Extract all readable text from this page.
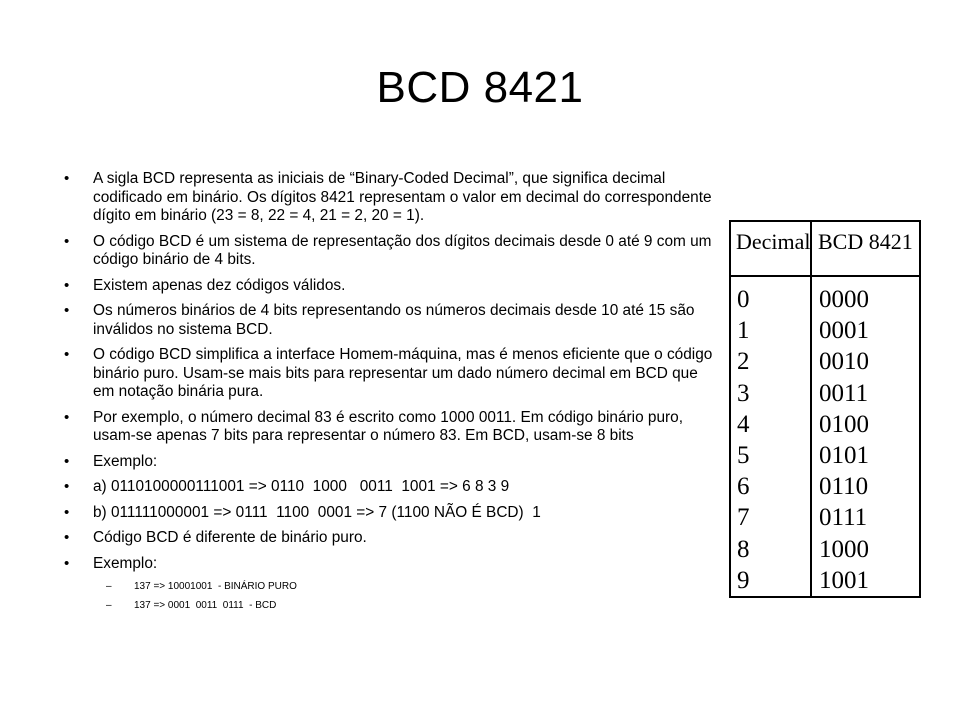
BCD 8421
• A sigla BCD representa as iniciais de “Binary-Coded Decimal”, que significa decimal codificado em binário. Os dígitos 8421 representam o valor em decimal do correspondente dígito em binário (23 = 8, 22 = 4, 21 = 2, 20 = 1).
• O código BCD é um sistema de representação dos dígitos decimais desde 0 até 9 com um código binário de 4 bits.
• Existem apenas dez códigos válidos.
• Os números binários de 4 bits representando os números decimais desde 10 até 15 são inválidos no sistema BCD.
• O código BCD simplifica a interface Homem-máquina, mas é menos eficiente que o código binário puro. Usam-se mais bits para representar um dado número decimal em BCD que em notação binária pura.
• Por exemplo, o número decimal 83 é escrito como 1000 0011. Em código binário puro, usam-se apenas 7 bits para representar o número 83. Em BCD, usam-se 8 bits
• Exemplo:
• a) 0110100000111001 => 0110  1000   0011  1001 => 6 8 3 9
• b) 011111000001 => 0111  1100  0001 => 7 (1100 NÃO É BCD)  1
• Código BCD é diferente de binário puro.
• Exemplo:
– 137 => 10001001  - BINÁRIO PURO
– 137 => 0001  0011  0111  - BCD
Decimal BCD 8421
0	0000
1	0001
2	0010
3	0011
4	0100
5	0101
6	0110
7	0111
8	1000
9	1001
